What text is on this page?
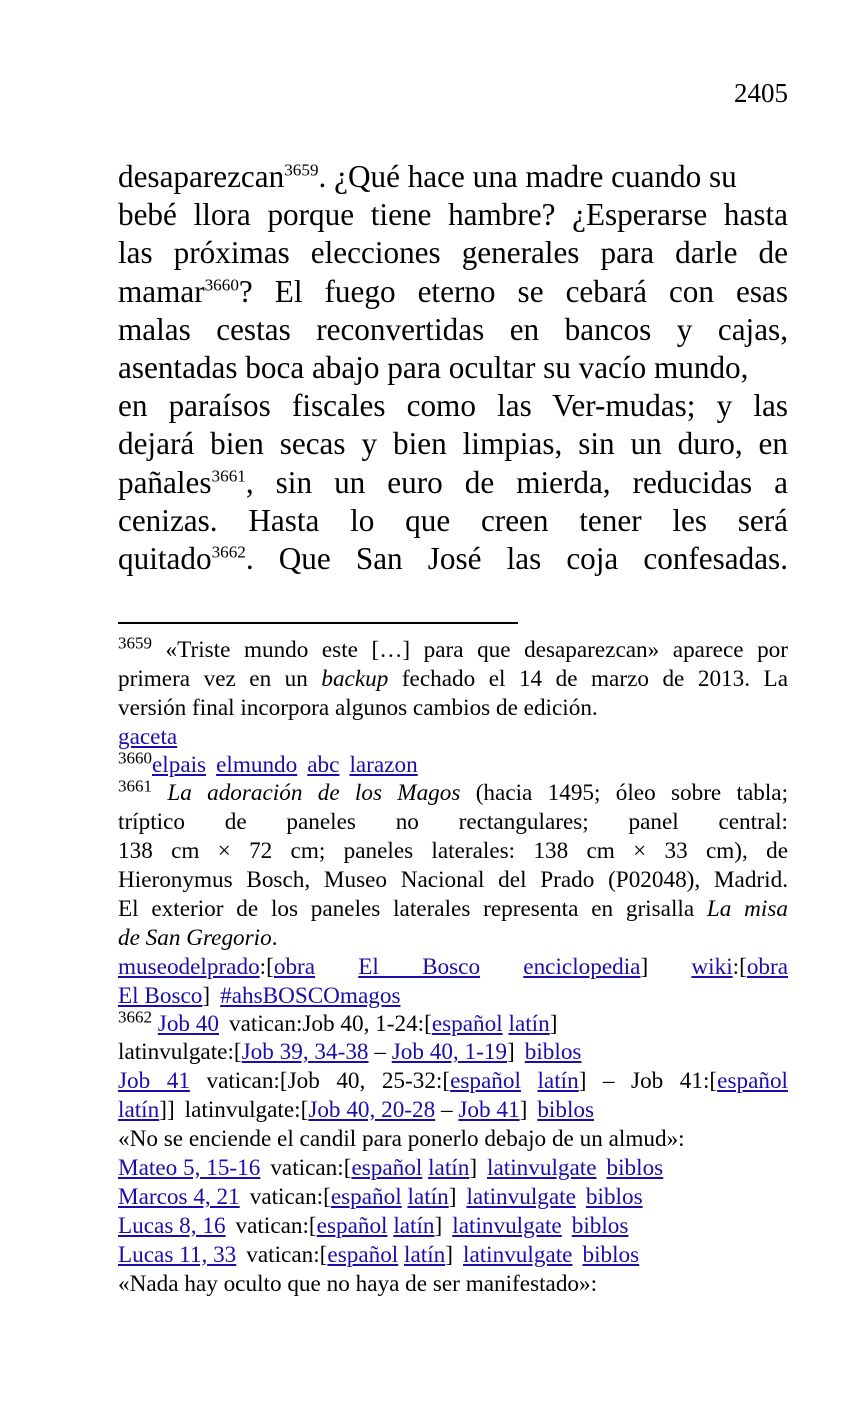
2405
desaparezcan$^{3659}$. ¿Qué hace una madre cuando su
bebé llora porque tiene hambre? ¿Esperarse hasta
las próximas elecciones generales para darle de
mamar$^{3660}$? El fuego eterno se cebará con esas
malas cestas reconvertidas en bancos y cajas,
asentadas boca abajo para ocultar su vacío mundo,
en paraísos fiscales como las Ver-mudas; y las
dejará bien secas y bien limpias, sin un duro, en
pañales$^{3661}$, sin un euro de mierda, reducidas a
cenizas. Hasta lo que creen tener les será
quitado$^{3662}$. Que San José las coja confesadas.
$^{3659}$ «Triste mundo este […] para que desaparezcan» aparece por
primera vez en un backup fechado el 14 de marzo de 2013. La
versión final incorpora algunos cambios de edición.
gaceta
$^{3660}$elpais elmundo abc larazon
$^{3661}$ La adoración de los Magos (hacia 1495; óleo sobre tabla;
tríptico de paneles no rectangulares; panel central:
138 cm × 72 cm; paneles laterales: 138 cm × 33 cm), de
Hieronymus Bosch, Museo Nacional del Prado (P02048), Madrid.
El exterior de los paneles laterales representa en grisalla La misa
de San Gregorio.
museodelprado:[obra El Bosco enciclopedia] wiki:[obra
El Bosco] #ahsBOSCOmagos
$^{3662}$ Job 40 vatican:Job 40, 1-24:[español latín]
latinvulgate:[Job 39, 34-38 – Job 40, 1-19] biblos
Job 41 vatican:[Job 40, 25-32:[español latín] – Job 41:[español
latín]] latinvulgate:[Job 40, 20-28 – Job 41] biblos
«No se enciende el candil para ponerlo debajo de un almud»:
Mateo 5, 15-16 vatican:[español latín] latinvulgate biblos
Marcos 4, 21 vatican:[español latín] latinvulgate biblos
Lucas 8, 16 vatican:[español latín] latinvulgate biblos
Lucas 11, 33 vatican:[español latín] latinvulgate biblos
«Nada hay oculto que no haya de ser manifestado»:
